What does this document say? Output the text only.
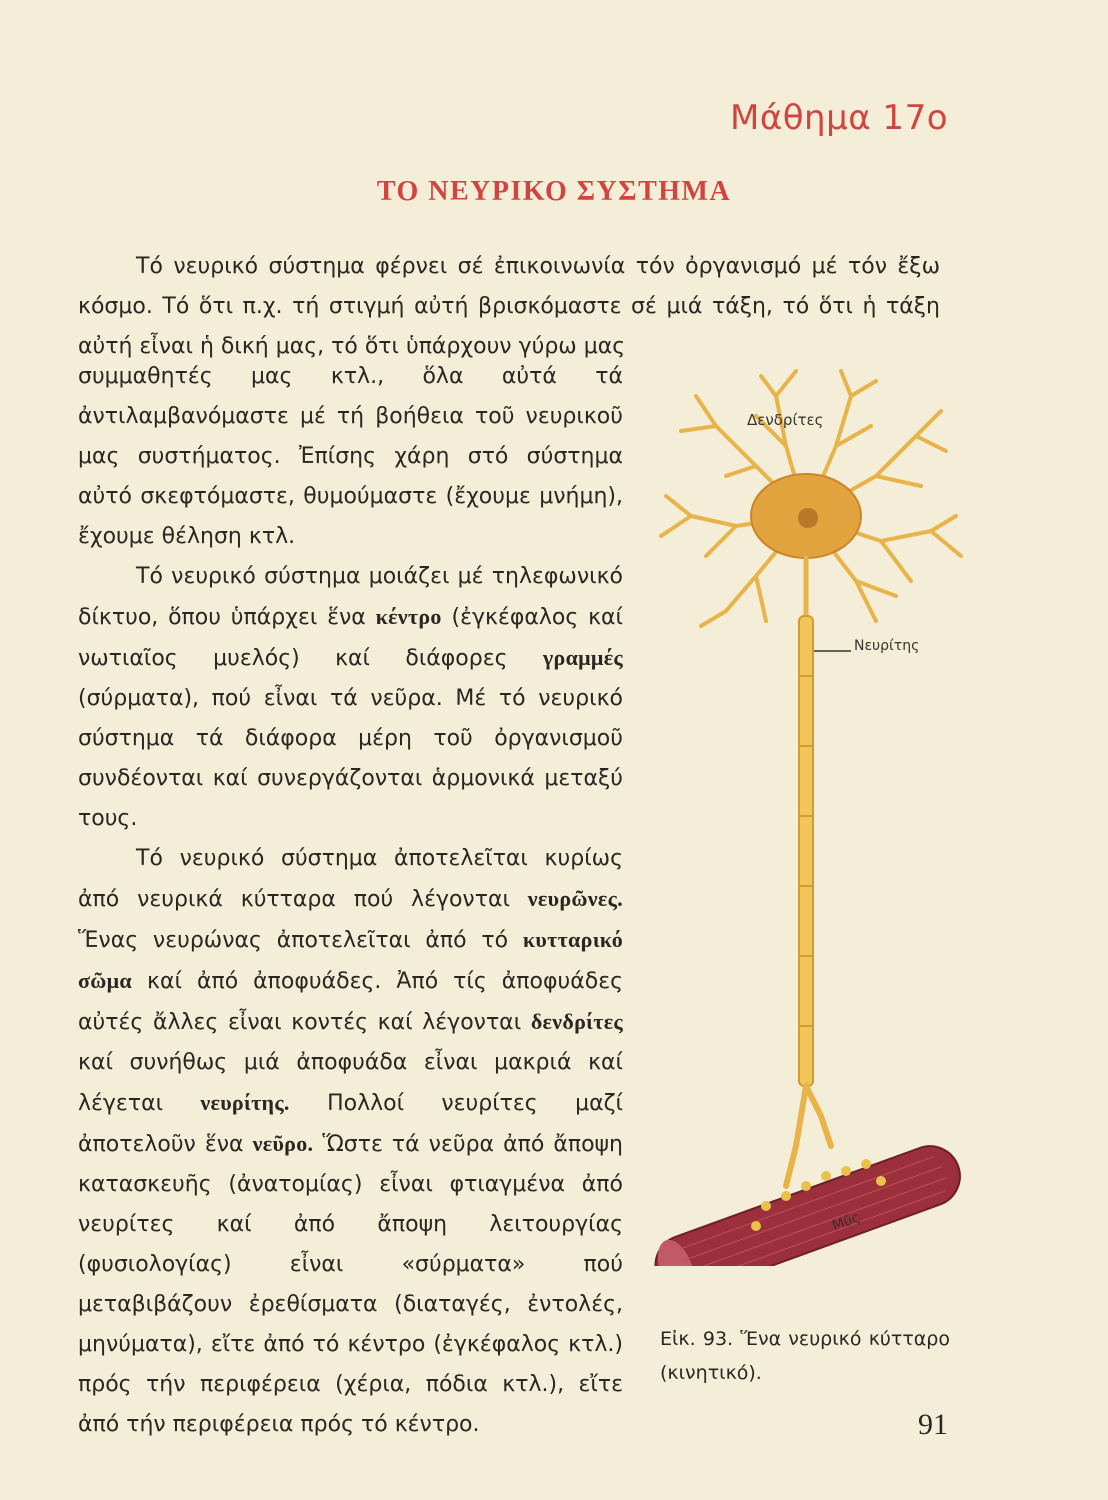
Μάθημα 17ο
ΤΟ ΝΕΥΡΙΚΟ ΣΥΣΤΗΜΑ
Τό νευρικό σύστημα φέρνει σέ ἐπικοινωνία τόν ὀργανισμό μέ τόν ἔξω κόσμο. Τό ὅτι π.χ. τή στιγμή αὐτή βρισκόμαστε σέ μιά τάξη, τό ὅτι ἡ τάξη αὐτή εἶναι ἡ δική μας, τό ὅτι ὑπάρχουν γύρω μας

συμμαθητές μας κτλ., ὅλα αὐτά τά ἀντιλαμβανόμαστε μέ τή βοήθεια τοῦ νευρικοῦ μας συστήματος. Ἐπίσης χάρη στό σύστημα αὐτό σκεφτόμαστε, θυμούμαστε (ἔχουμε μνήμη), ἔχουμε θέληση κτλ.

Τό νευρικό σύστημα μοιάζει μέ τηλεφωνικό δίκτυο, ὅπου ὑπάρχει ἕνα κέντρο (ἐγκέφαλος καί νωτιαῖος μυελός) καί διάφορες γραμμές (σύρματα), πού εἶναι τά νεῦρα. Μέ τό νευρικό σύστημα τά διάφορα μέρη τοῦ ὀργανισμοῦ συνδέονται καί συνεργάζονται ἁρμονικά μεταξύ τους.

Τό νευρικό σύστημα ἀποτελεῖται κυρίως ἀπό νευρικά κύτταρα πού λέγονται νευρῶνες. Ἕνας νευρώνας ἀποτελεῖται ἀπό τό κυτταρικό σῶμα καί ἀπό ἀποφυάδες. Ἀπό τίς ἀποφυάδες αὐτές ἄλλες εἶναι κοντές καί λέγονται δενδρίτες καί συνήθως μιά ἀποφυάδα εἶναι μακριά καί λέγεται νευρίτης. Πολλοί νευρίτες μαζί ἀποτελοῦν ἕνα νεῦρο. Ὥστε τά νεῦρα ἀπό ἄποψη κατασκευῆς (ἀνατομίας) εἶναι φτιαγμένα ἀπό νευρίτες καί ἀπό ἄποψη λειτουργίας (φυσιολογίας) εἶναι «σύρματα» πού μεταβιβάζουν ἐρεθίσματα (διαταγές, ἐντολές, μηνύματα), εἴτε ἀπό τό κέντρο (ἐγκέφαλος κτλ.) πρός τήν περιφέρεια (χέρια, πόδια κτλ.), εἴτε ἀπό τήν περιφέρεια πρός τό κέντρο.

Δενδρίτες
Νευρίτης
Μῦς
Εἰκ. 93. Ἕνα νευρικό κύτταρο (κινητικό).
91
